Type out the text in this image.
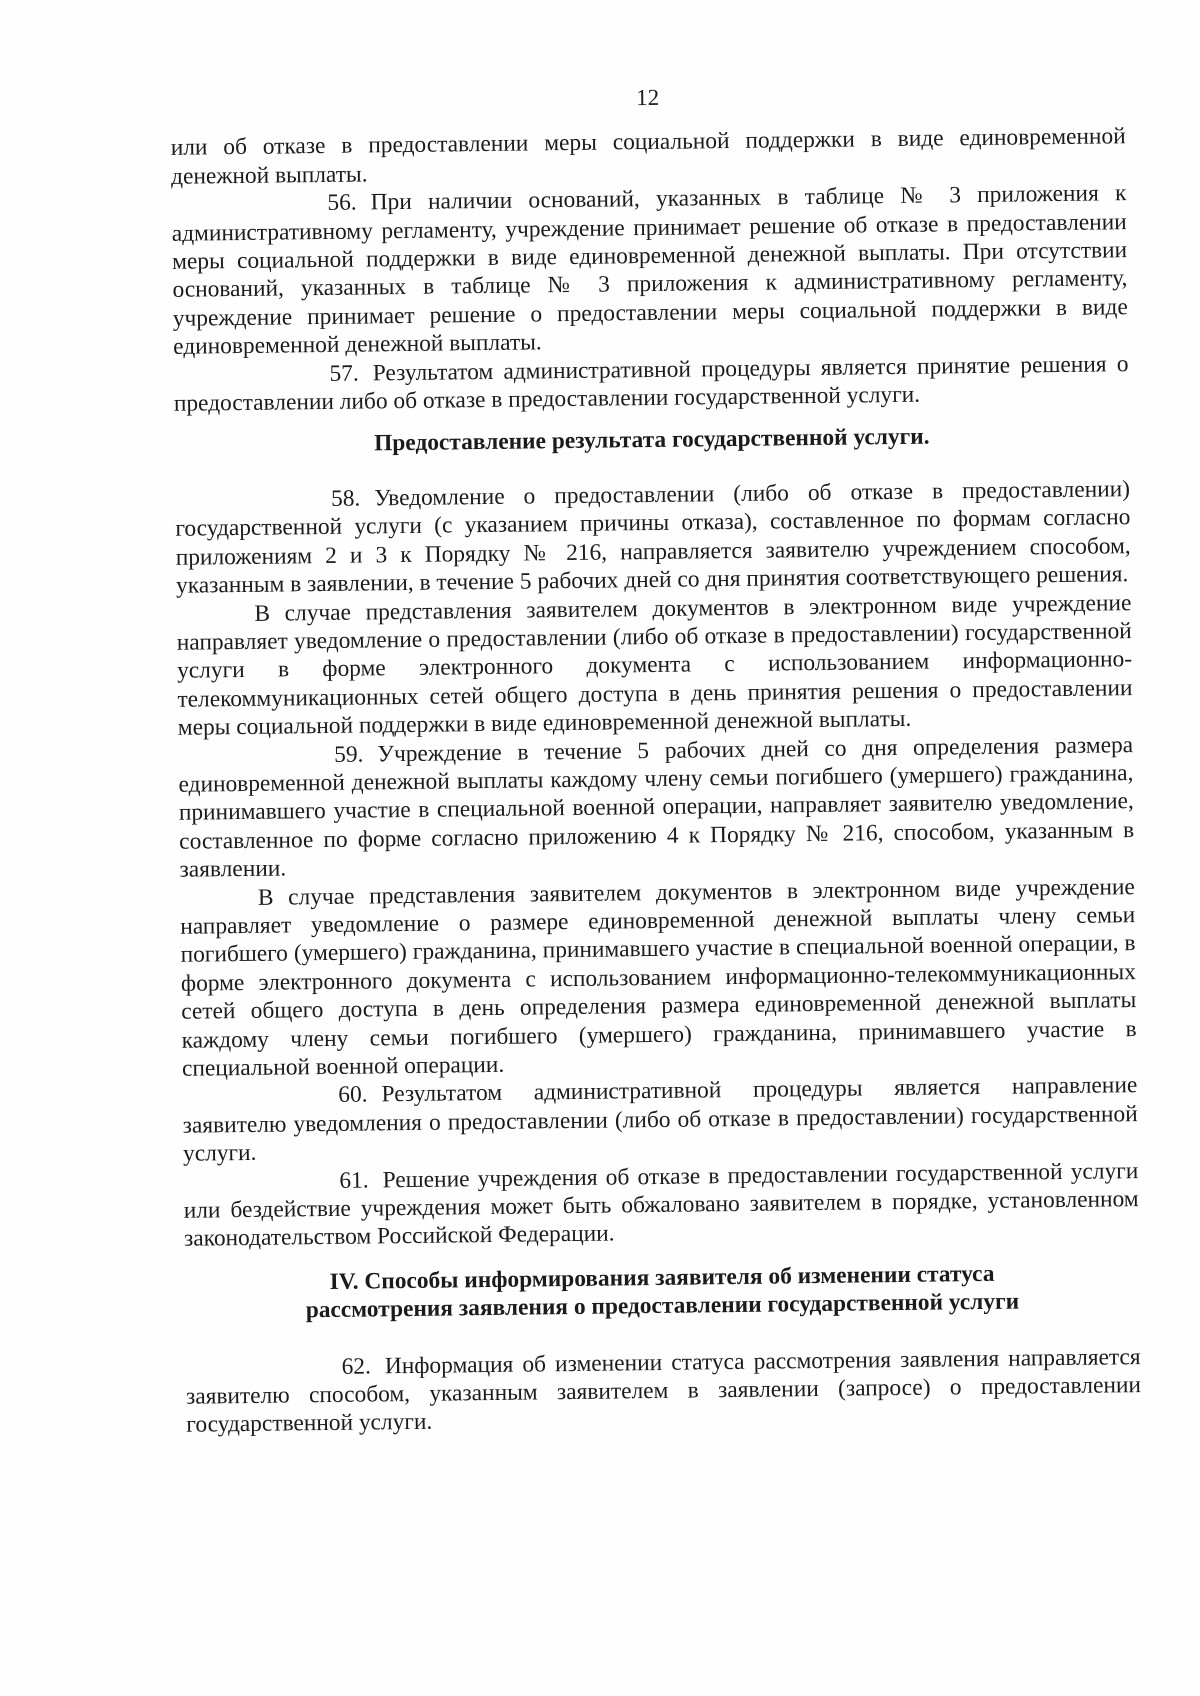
12

или об отказе в предоставлении меры социальной поддержки в виде единовременной денежной выплаты.

56. При наличии оснований, указанных в таблице № 3 приложения к административному регламенту, учреждение принимает решение об отказе в предоставлении меры социальной поддержки в виде единовременной денежной выплаты. При отсутствии оснований, указанных в таблице № 3 приложения к административному регламенту, учреждение принимает решение о предоставлении меры социальной поддержки в виде единовременной денежной выплаты.

57. Результатом административной процедуры является принятие решения о предоставлении либо об отказе в предоставлении государственной услуги.

Предоставление результата государственной услуги.

58. Уведомление о предоставлении (либо об отказе в предоставлении) государственной услуги (с указанием причины отказа), составленное по формам согласно приложениям 2 и 3 к Порядку № 216, направляется заявителю учреждением способом, указанным в заявлении, в течение 5 рабочих дней со дня принятия соответствующего решения.

В случае представления заявителем документов в электронном виде учреждение направляет уведомление о предоставлении (либо об отказе в предоставлении) государственной услуги в форме электронного документа с использованием информационно-телекоммуникационных сетей общего доступа в день принятия решения о предоставлении меры социальной поддержки в виде единовременной денежной выплаты.

59. Учреждение в течение 5 рабочих дней со дня определения размера единовременной денежной выплаты каждому члену семьи погибшего (умершего) гражданина, принимавшего участие в специальной военной операции, направляет заявителю уведомление, составленное по форме согласно приложению 4 к Порядку № 216, способом, указанным в заявлении.

В случае представления заявителем документов в электронном виде учреждение направляет уведомление о размере единовременной денежной выплаты члену семьи погибшего (умершего) гражданина, принимавшего участие в специальной военной операции, в форме электронного документа с использованием информационно-телекоммуникационных сетей общего доступа в день определения размера единовременной денежной выплаты каждому члену семьи погибшего (умершего) гражданина, принимавшего участие в специальной военной операции.

60. Результатом административной процедуры является направление заявителю уведомления о предоставлении (либо об отказе в предоставлении) государственной услуги.

61. Решение учреждения об отказе в предоставлении государственной услуги или бездействие учреждения может быть обжаловано заявителем в порядке, установленном законодательством Российской Федерации.

IV. Способы информирования заявителя об изменении статуса
рассмотрения заявления о предоставлении государственной услуги

62. Информация об изменении статуса рассмотрения заявления направляется заявителю способом, указанным заявителем в заявлении (запросе) о предоставлении государственной услуги.
